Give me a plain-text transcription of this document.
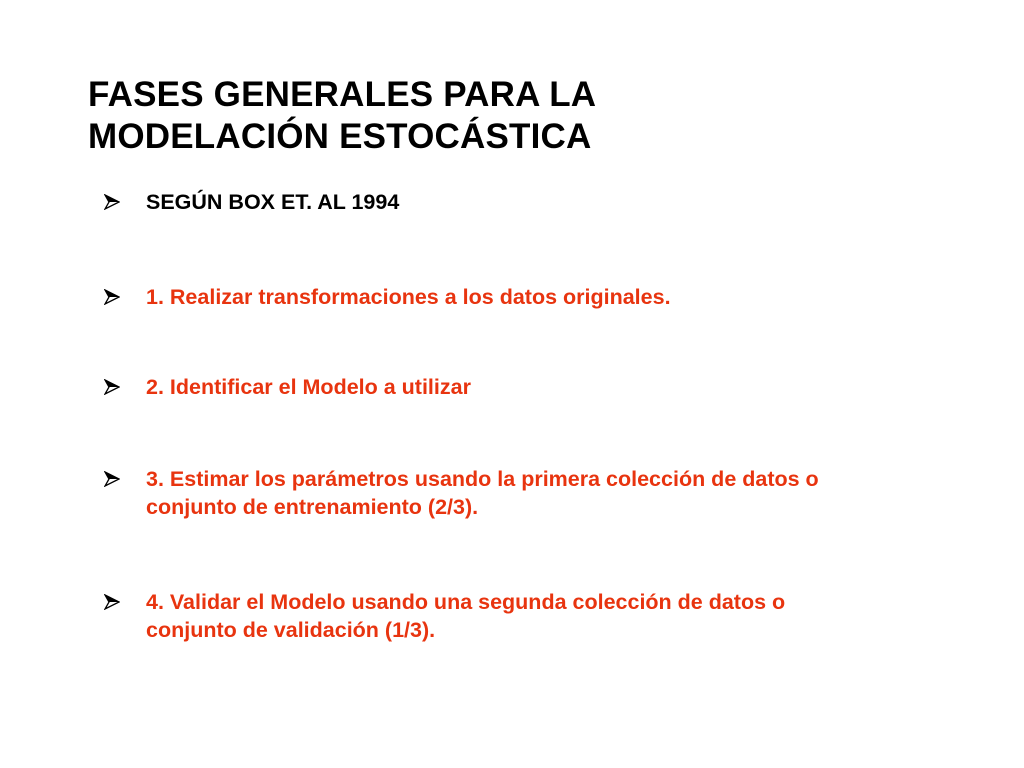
FASES GENERALES PARA LA
MODELACIÓN ESTOCÁSTICA
SEGÚN BOX ET. AL 1994
1. Realizar transformaciones a los datos originales.
2. Identificar el Modelo a utilizar
3. Estimar los parámetros usando la primera colección de datos o
conjunto de entrenamiento (2/3).
4. Validar el Modelo usando una segunda colección de datos o
conjunto de validación (1/3).
